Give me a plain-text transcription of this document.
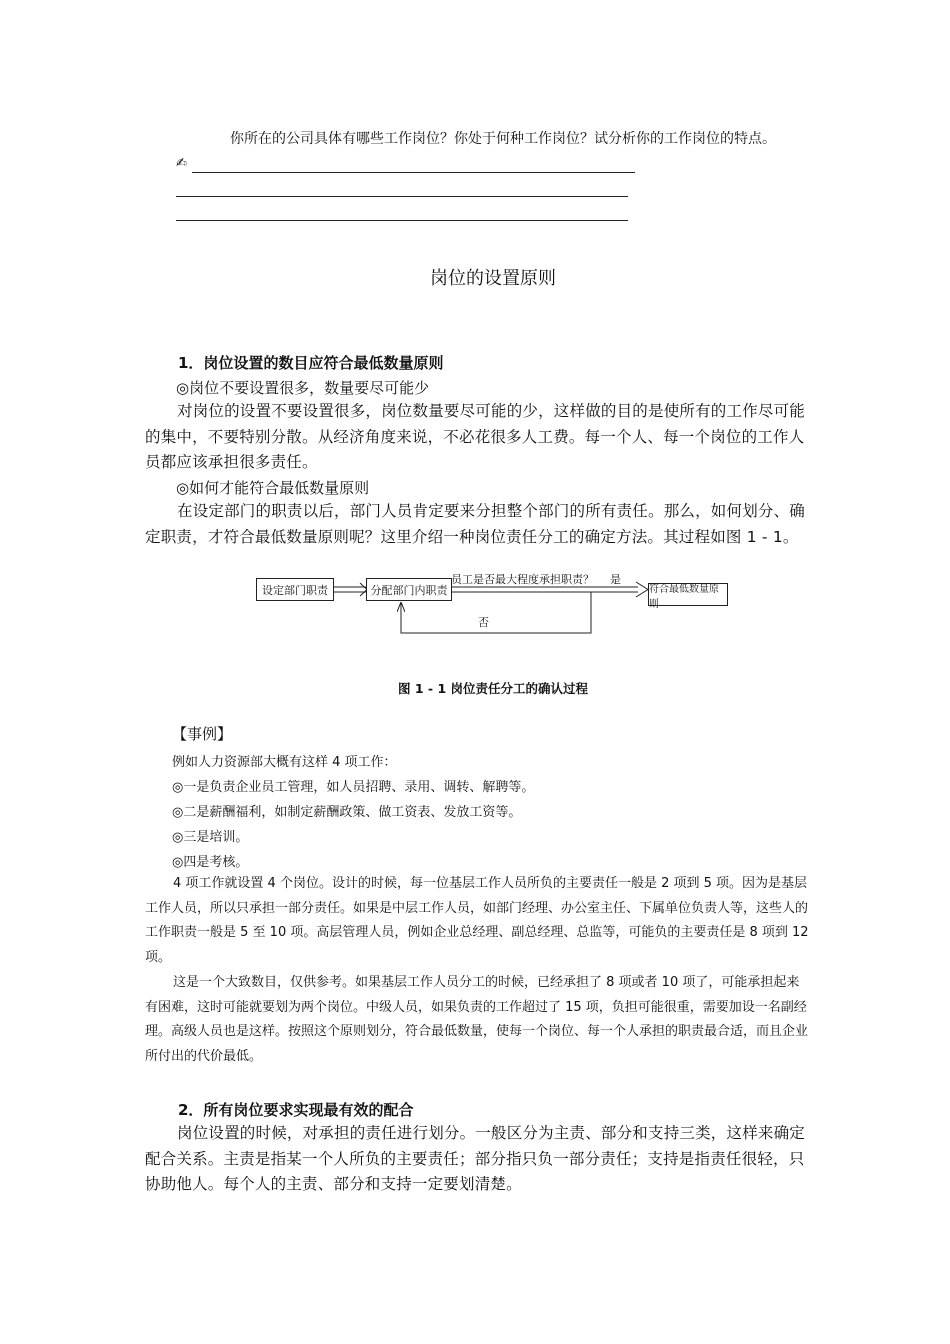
你所在的公司具体有哪些工作岗位？你处于何种工作岗位？试分析你的工作岗位的特点。
✍
岗位的设置原则
1．岗位设置的数目应符合最低数量原则
◎岗位不要设置很多，数量要尽可能少
对岗位的设置不要设置很多，岗位数量要尽可能的少，这样做的目的是使所有的工作尽可能的集中，不要特别分散。从经济角度来说，不必花很多人工费。每一个人、每一个岗位的工作人员都应该承担很多责任。
◎如何才能符合最低数量原则
在设定部门的职责以后，部门人员肯定要来分担整个部门的所有责任。那么，如何划分、确定职责，才符合最低数量原则呢？这里介绍一种岗位责任分工的确定方法。其过程如图 1 - 1。
设定部门职责	分配部门内职责	符合最低数量原则
员工是否最大程度承担职责？ 是
否
图 1 - 1 岗位责任分工的确认过程
【事例】
例如人力资源部大概有这样 4 项工作：
◎一是负责企业员工管理，如人员招聘、录用、调转、解聘等。
◎二是薪酬福利，如制定薪酬政策、做工资表、发放工资等。
◎三是培训。
◎四是考核。
4 项工作就设置 4 个岗位。设计的时候，每一位基层工作人员所负的主要责任一般是 2 项到 5 项。因为是基层工作人员，所以只承担一部分责任。如果是中层工作人员，如部门经理、办公室主任、下属单位负责人等，这些人的工作职责一般是 5 至 10 项。高层管理人员，例如企业总经理、副总经理、总监等，可能负的主要责任是 8 项到 12 项。
这是一个大致数目，仅供参考。如果基层工作人员分工的时候，已经承担了 8 项或者 10 项了，可能承担起来有困难，这时可能就要划为两个岗位。中级人员，如果负责的工作超过了 15 项，负担可能很重，需要加设一名副经理。高级人员也是这样。按照这个原则划分，符合最低数量，使每一个岗位、每一个人承担的职责最合适，而且企业所付出的代价最低。
2．所有岗位要求实现最有效的配合
岗位设置的时候，对承担的责任进行划分。一般区分为主责、部分和支持三类，这样来确定配合关系。主责是指某一个人所负的主要责任；部分指只负一部分责任；支持是指责任很轻，只协助他人。每个人的主责、部分和支持一定要划清楚。
